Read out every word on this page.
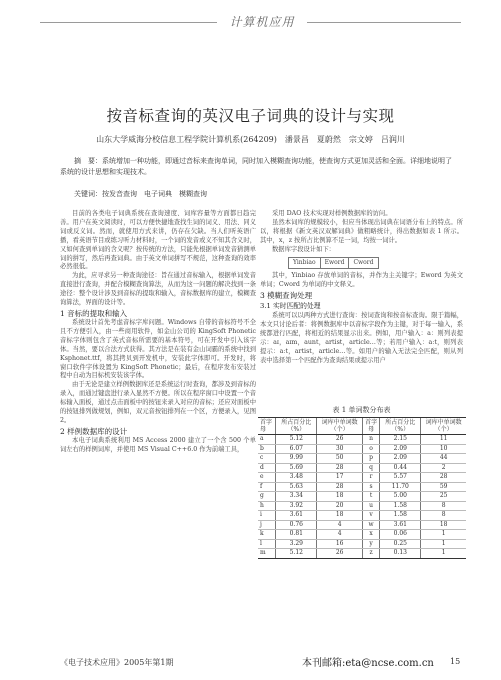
计算机应用
按音标查询的英汉电子词典的设计与实现
山东大学威海分校信息工程学院计算机系(264209)　潘景昌　夏蔚然　宗文婷　吕润川

摘　要：系统增加一种功能，即通过音标来查询单词，同时加入模糊查询功能，使查询方式更加灵活和全面。详细地说明了系统的设计思想和实现技术。

关键词：按发音查询　电子词典　模糊查询

目前的各类电子词典系统在查询速度、词库容量等方面都日趋完善。用户在英文阅读时，可以方便快捷地查找生词的词义、用法、同义词或反义词。然而，就使用方式来讲，仍存在欠缺。当人们听英语广播，看英语节目或练习听力材料时，一个词的发音或义不知其含义时，又如何查到单词的含义呢？按传统的方法，只能先根据单词发音猜测单词的拼写，然后再查词典。由于英文单词拼写不规范，这种查询的效率必然很低。

为此，应寻求另一种查询途径：旨在通过音标输入，根据单词发音直接进行查询，并配合模糊查询算法，从而为这一问题的解决找到一条途径：整个设计涉及到音标的提取和输入，音标数据库的建立，模糊查询算法，界面的设计等。

1 音标的提取和输入

系统设计首先考虑音标字库问题。Windows 自带的音标符号不全且不方便引入，由一些商用软件，如金山公司的 KingSoft Phonetic 音标字体则包含了英式音标所需要的基本符号，可在开发中引入该字体。当然，要以合法方式获得。其方法是在装有金山词霸的系统中找到 Ksphonet.ttf，将其拷贝到开发机中，安装此字体即可。开发时，将窗口软件字体设置为 KingSoft Phonetic；最后，在程序发布安装过程中自动为目标机安装该字体。

由于无论是建立样例数据库还是系统运行时查询，都涉及到音标的录入，而通过键盘进行录入显然不方便。所以在程序窗口中设置一个音标输入面板，通过点击面板中的按钮来录入对应的音标；还应对面板中的按钮排列做规划，例如，双元音按钮排列在一个区，方便录入，见图 2。

2 样例数据库的设计

本电子词典系统利用 MS Access 2000 建立了一个含 500 个单词左右的样例词库，并使用 MS Visual C++6.0 作为前端工具，

采用 DAO 技术实现对样例数据库的访问。

虽然本词库的规模较小，但应当体现出词典在词语分布上的特点。所以，将根据《新文英汉双解词典》做粗略统计，得出数据如表 1 所示。其中，x，z 按所占比例算不足一词，均按一词计。

数据库字段设计如下：

Yinbiao	Eword	Cword

其中，Yinbiao 存放单词的音标，并作为主关键字；Eword 为英文单词；Cword 为单词的中文释义。

3 模糊查询处理
3.1 实时匹配的处理

系统可以以两种方式进行查询：按词查询和按音标查询。限于篇幅，本文只讨论后者：将例数据库中以音标字段作为主键，对于每一输入，系统都进行匹配，将相近的结果显示出来。例如，用户输入：a：则列表提示：aɪ，aɪm，aunt，artist，article…等；若用户输入：aːt，则列表提示：aːt，artist，article…等。如用户的输入无法完全匹配，则从列表中选择第一个匹配作为查询结果或提示用户

表 1 单词数分布表
首字母	所占百分比（%）	词库中单词数（个）	首字母	所占百分比（%）	词库中单词数（个）
a	5.12	26	n	2.15	11
b	6.07	30	o	2.09	10
c	9.99	50	p	2.09	44
d	5.69	28	q	0.44	2
e	3.48	17	r	5.57	28
f	5.63	28	s	11.70	59
g	3.34	18	t	5.00	25
h	3.92	20	u	1.58	8
i	3.61	18	v	1.58	8
j	0.76	4	w	3.61	18
k	0.81	4	x	0.06	1
l	3.29	16	y	0.25	1
m	5.12	26	z	0.13	1
《电子技术应用》2005年第1期	本刊邮箱:eta@ncse.com.cn 15
